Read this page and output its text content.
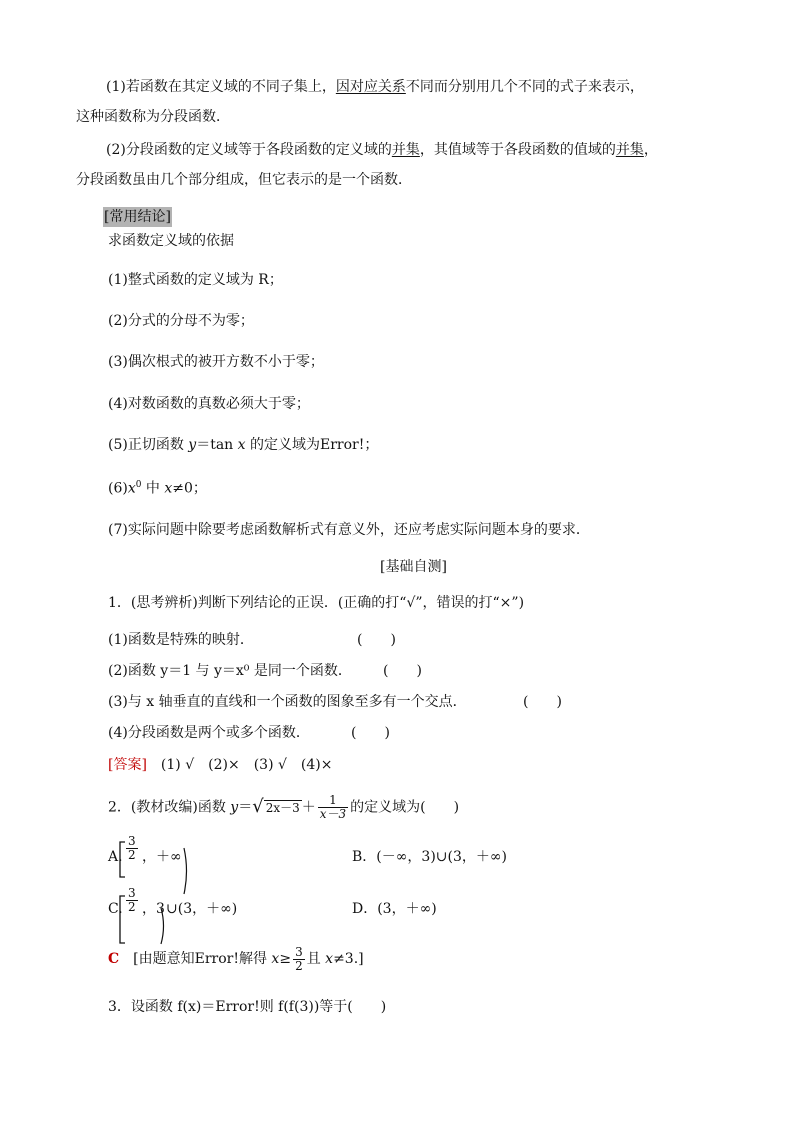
(1)若函数在其定义域的不同子集上，因对应关系不同而分别用几个不同的式子来表示，
这种函数称为分段函数．
(2)分段函数的定义域等于各段函数的定义域的并集，其值域等于各段函数的值域的并集，
分段函数虽由几个部分组成，但它表示的是一个函数．
[常用结论]
求函数定义域的依据
(1)整式函数的定义域为 R；
(2)分式的分母不为零；
(3)偶次根式的被开方数不小于零；
(4)对数函数的真数必须大于零；
(5)正切函数 y＝tan x 的定义域为Error!；
$(6)x^0$ 中 x≠0；
(7)实际问题中除要考虑函数解析式有意义外，还应考虑实际问题本身的要求．
[基础自测]
1．(思考辨析)判断下列结论的正误．(正确的打“√”，错误的打“×”)
(1)函数是特殊的映射．	(　　)
(2)函数 y＝1 与 y＝x⁰ 是同一个函数． (　　)
(3)与 x 轴垂直的直线和一个函数的图象至多有一个交点．	(　　)
(4)分段函数是两个或多个函数．	(　　)
[答案]　(1) √　(2)×　(3) √　(4)×
2．(教材改编)函数 y＝√ $2x-3 + \frac{1}{x-3}$ 的定义域为(　　)
A. $\frac{3}{2}$ ，＋∞	B．(－∞，3)∪(3，＋∞)
C. $\frac{3}{2}$ ，3 ∪(3，＋∞)	D．(3，＋∞)
C　[由题意知Error!解得 $x\ge \frac{3}{2}$ 且 x≠3.]
3．设函数 f(x)＝Error!则 f(f(3))等于(　　)
